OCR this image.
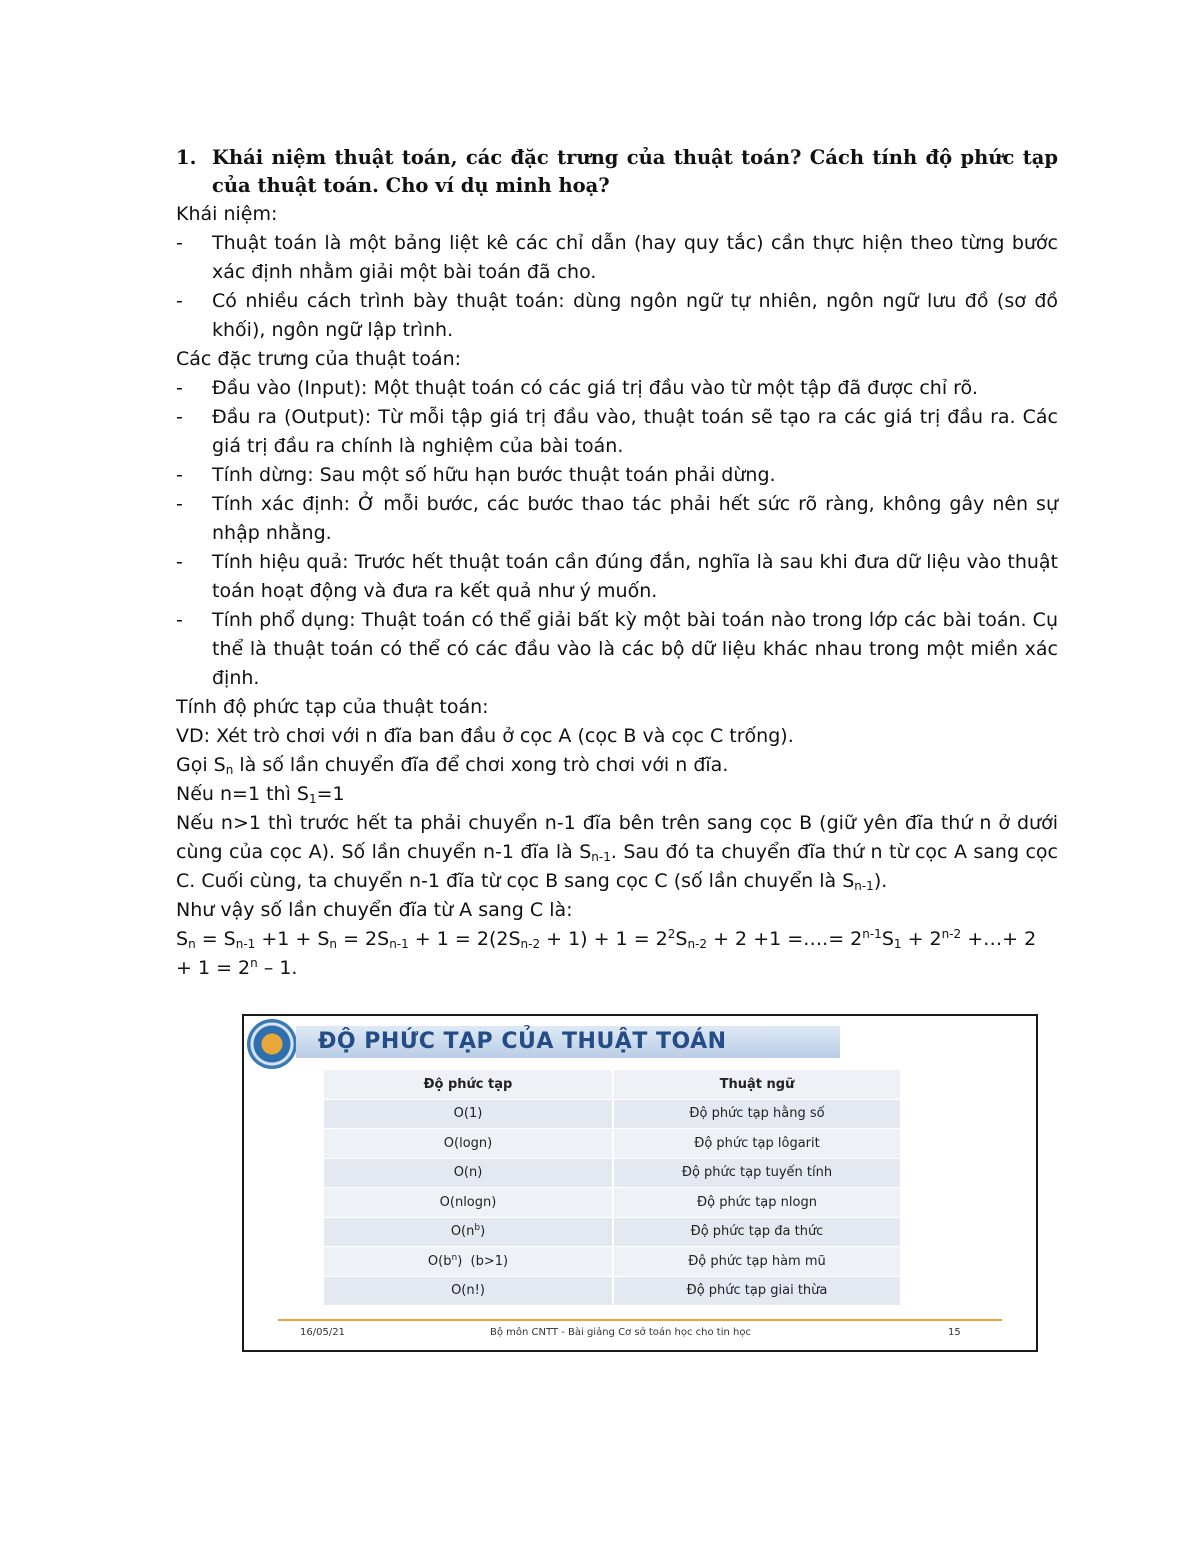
1. Khái niệm thuật toán, các đặc trưng của thuật toán? Cách tính độ phức tạp của thuật toán. Cho ví dụ minh hoạ?

Khái niệm:

-	Thuật toán là một bảng liệt kê các chỉ dẫn (hay quy tắc) cần thực hiện theo từng bước xác định nhằm giải một bài toán đã cho.
-	Có nhiều cách trình bày thuật toán: dùng ngôn ngữ tự nhiên, ngôn ngữ lưu đồ (sơ đồ khối), ngôn ngữ lập trình.

Các đặc trưng của thuật toán:

-	Đầu vào (Input): Một thuật toán có các giá trị đầu vào từ một tập đã được chỉ rõ.
-	Đầu ra (Output): Từ mỗi tập giá trị đầu vào, thuật toán sẽ tạo ra các giá trị đầu ra. Các giá trị đầu ra chính là nghiệm của bài toán.
-	Tính dừng: Sau một số hữu hạn bước thuật toán phải dừng.
-	Tính xác định: Ở mỗi bước, các bước thao tác phải hết sức rõ ràng, không gây nên sự nhập nhằng.
-	Tính hiệu quả: Trước hết thuật toán cần đúng đắn, nghĩa là sau khi đưa dữ liệu vào thuật toán hoạt động và đưa ra kết quả như ý muốn.
-	Tính phổ dụng: Thuật toán có thể giải bất kỳ một bài toán nào trong lớp các bài toán. Cụ thể là thuật toán có thể có các đầu vào là các bộ dữ liệu khác nhau trong một miền xác định.

Tính độ phức tạp của thuật toán:

VD: Xét trò chơi với n đĩa ban đầu ở cọc A (cọc B và cọc C trống).

Gọi $S_n$ là số lần chuyển đĩa để chơi xong trò chơi với n đĩa.

Nếu n=1 thì $S_1=1$

Nếu n>1 thì trước hết ta phải chuyển n-1 đĩa bên trên sang cọc B (giữ yên đĩa thứ n ở dưới cùng của cọc A). Số lần chuyển n-1 đĩa là $S_{n-1}$. Sau đó ta chuyển đĩa thứ n từ cọc A sang cọc C. Cuối cùng, ta chuyển n-1 đĩa từ cọc B sang cọc C (số lần chuyển là $S_{n-1}$).

Như vậy số lần chuyển đĩa từ A sang C là:

$S_n = S_{n-1} +1 + S_n = 2S_{n-1} + 1 = 2(2S_{n-2} + 1) + 1 = 2^2S_{n-2} + 2 +1$ =….= $2^{n-1}S_1 + 2^{n-2}$ +…+ $2 + 1 = 2^n - 1$.

ĐỘ PHỨC TẠP CỦA THUẬT TOÁN
Độ phức tạp	Thuật ngữ
O(1)	Độ phức tạp hằng số
O(logn)	Độ phức tạp lôgarit
O(n)	Độ phức tạp tuyến tính
O(nlogn)	Độ phức tạp nlogn
$O(n^b)$	Độ phức tạp đa thức
$O(b^n)$  (b>1)	Độ phức tạp hàm mũ
O(n!)	Độ phức tạp giai thừa
16/05/21	Bộ môn CNTT - Bài giảng Cơ sở toán học cho tin học	15
